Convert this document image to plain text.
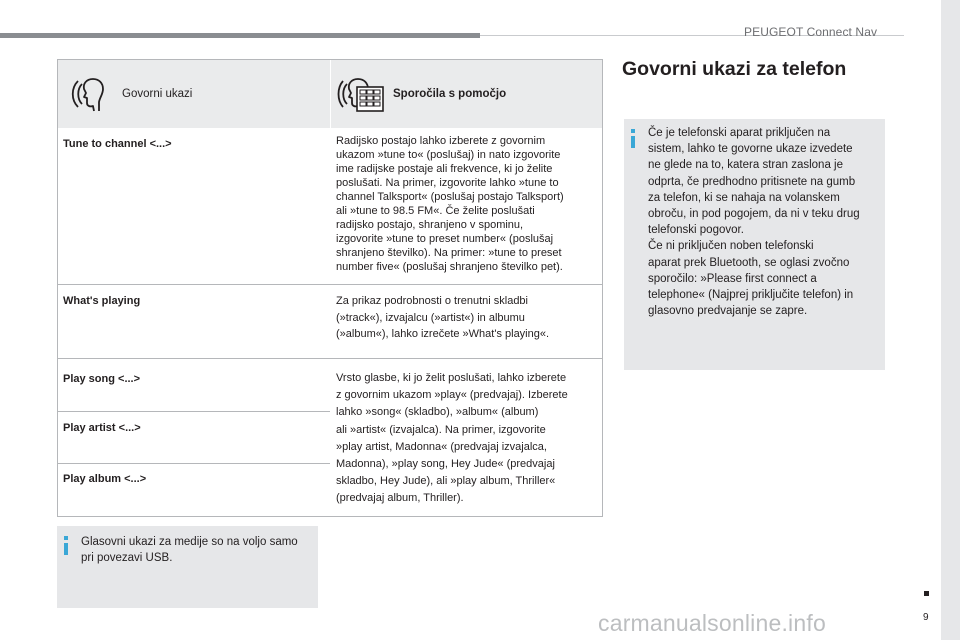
PEUGEOT Connect Nav
Govorni ukazi	Sporočila s pomočjo
Tune to channel <...>	Radijsko postajo lahko izberete z govornim
ukazom »tune to« (poslušaj) in nato izgovorite
ime radijske postaje ali frekvence, ki jo želite
poslušati. Na primer, izgovorite lahko »tune to
channel Talksport« (poslušaj postajo Talksport)
ali »tune to 98.5 FM«. Če želite poslušati
radijsko postajo, shranjeno v spominu,
izgovorite »tune to preset number« (poslušaj
shranjeno številko). Na primer: »tune to preset
number five« (poslušaj shranjeno številko pet).
What's playing	Za prikaz podrobnosti o trenutni skladbi
(»track«), izvajalcu (»artist«) in albumu
(»album«), lahko izrečete »What's playing«.
Play song <...>	Vrsto glasbe, ki jo želit poslušati, lahko izberete
z govornim ukazom »play« (predvajaj). Izberete
lahko »song« (skladbo), »album« (album)
ali »artist« (izvajalca). Na primer, izgovorite
»play artist, Madonna« (predvajaj izvajalca,
Madonna), »play song, Hey Jude« (predvajaj
skladbo, Hey Jude), ali »play album, Thriller«
(predvajaj album, Thriller).
Play artist <...>
Play album <...>
Glasovni ukazi za medije so na voljo samo
pri povezavi USB.
Govorni ukazi za telefon
Če je telefonski aparat priključen na
sistem, lahko te govorne ukaze izvedete
ne glede na to, katera stran zaslona je
odprta, če predhodno pritisnete na gumb
za telefon, ki se nahaja na volanskem
obroču, in pod pogojem, da ni v teku drug
telefonski pogovor.
Če ni priključen noben telefonski
aparat prek Bluetooth, se oglasi zvočno
sporočilo: »Please first connect a
telephone« (Najprej priključite telefon) in
glasovno predvajanje se zapre.
9
carmanualsonline.info
